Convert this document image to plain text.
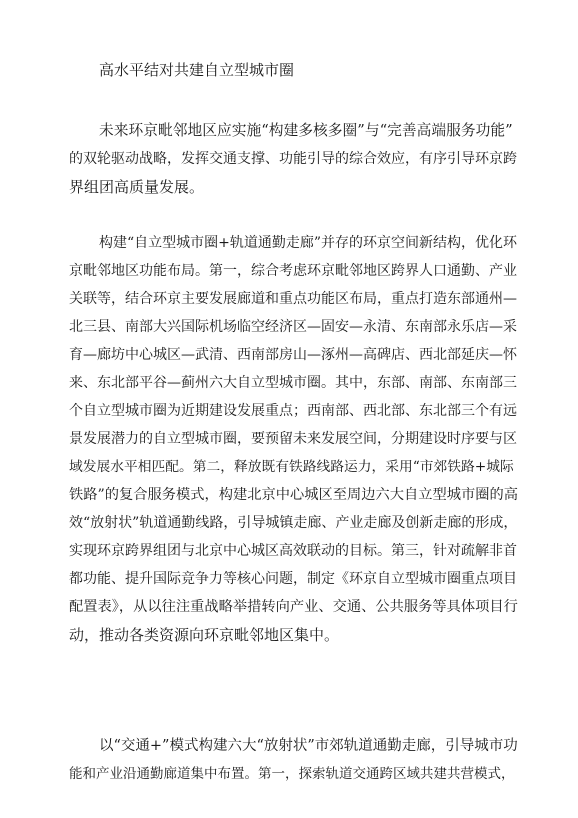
高水平结对共建自立型城市圈
未来环京毗邻地区应实施“构建多核多圈”与“完善高端服务功能”
的双轮驱动战略，发挥交通支撑、功能引导的综合效应，有序引导环京跨
界组团高质量发展。
构建“自立型城市圈+轨道通勤走廊”并存的环京空间新结构，优化环
京毗邻地区功能布局。第一，综合考虑环京毗邻地区跨界人口通勤、产业
关联等，结合环京主要发展廊道和重点功能区布局，重点打造东部通州—
北三县、南部大兴国际机场临空经济区—固安—永清、东南部永乐店—采
育—廊坊中心城区—武清、西南部房山—涿州—高碑店、西北部延庆—怀
来、东北部平谷—蓟州六大自立型城市圈。其中，东部、南部、东南部三
个自立型城市圈为近期建设发展重点；西南部、西北部、东北部三个有远
景发展潜力的自立型城市圈，要预留未来发展空间，分期建设时序要与区
域发展水平相匹配。第二，释放既有铁路线路运力，采用“市郊铁路+城际
铁路”的复合服务模式，构建北京中心城区至周边六大自立型城市圈的高
效“放射状”轨道通勤线路，引导城镇走廊、产业走廊及创新走廊的形成，
实现环京跨界组团与北京中心城区高效联动的目标。第三，针对疏解非首
都功能、提升国际竞争力等核心问题，制定《环京自立型城市圈重点项目
配置表》，从以往注重战略举措转向产业、交通、公共服务等具体项目行
动，推动各类资源向环京毗邻地区集中。
以“交通+”模式构建六大“放射状”市郊轨道通勤走廊，引导城市功
能和产业沿通勤廊道集中布置。第一，探索轨道交通跨区域共建共营模式，
